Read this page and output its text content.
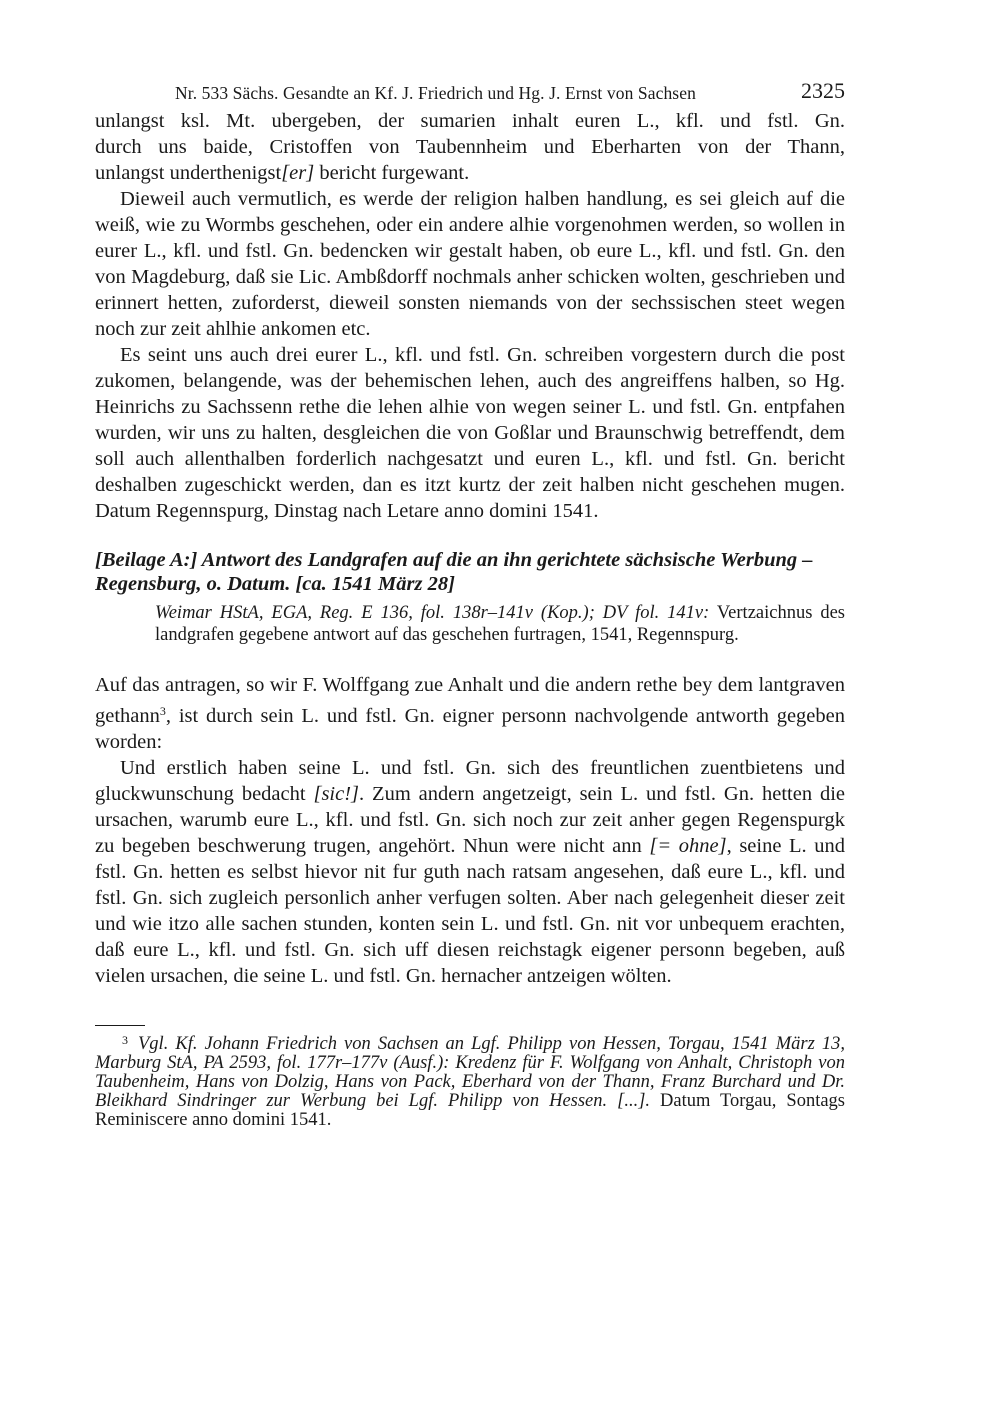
Nr. 533 Sächs. Gesandte an Kf. J. Friedrich und Hg. J. Ernst von Sachsen	2325

unlangst ksl. Mt. ubergeben, der sumarien inhalt euren L., kfl. und fstl. Gn.
durch uns baide, Cristoffen von Taubennheim und Eberharten von der Thann,
unlangst underthenigst[er] bericht furgewant.

Dieweil auch vermutlich, es werde der religion halben handlung, es sei gleich auf die weiß, wie zu Wormbs geschehen, oder ein andere alhie vorgenohmen werden, so wollen in eurer L., kfl. und fstl. Gn. bedencken wir gestalt haben, ob eure L., kfl. und fstl. Gn. den von Magdeburg, daß sie Lic. Ambßdorff nochmals anher schicken wolten, geschrieben und erinnert hetten, zuforderst, dieweil sonsten niemands von der sechssischen steet wegen noch zur zeit ahlhie ankomen etc.

Es seint uns auch drei eurer L., kfl. und fstl. Gn. schreiben vorgestern durch die post zukomen, belangende, was der behemischen lehen, auch des angreiffens halben, so Hg. Heinrichs zu Sachssenn rethe die lehen alhie von wegen seiner L. und fstl. Gn. entpfahen wurden, wir uns zu halten, desgleichen die von Goßlar und Braunschwig betreffendt, dem soll auch allenthalben forderlich nachgesatzt und euren L., kfl. und fstl. Gn. bericht deshalben zugeschickt werden, dan es itzt kurtz der zeit halben nicht geschehen mugen. Datum Regennspurg, Dinstag nach Letare anno domini 1541.

[Beilage A:] Antwort des Landgrafen auf die an ihn gerichtete sächsische Werbung – Regensburg, o. Datum. [ca. 1541 März 28]
Weimar HStA, EGA, Reg. E 136, fol. 138r–141v (Kop.); DV fol. 141v: Vertzaichnus des landgrafen gegebene antwort auf das geschehen furtragen, 1541, Regennspurg.

Auf das antragen, so wir F. Wolffgang zue Anhalt und die andern rethe bey dem lantgraven gethann$^3$, ist durch sein L. und fstl. Gn. eigner personn nachvolgende antworth gegeben worden:

Und erstlich haben seine L. und fstl. Gn. sich des freuntlichen zuentbietens und gluckwunschung bedacht [sic!]. Zum andern angetzeigt, sein L. und fstl. Gn. hetten die ursachen, warumb eure L., kfl. und fstl. Gn. sich noch zur zeit anher gegen Regenspurgk zu begeben beschwerung trugen, angehört. Nhun were nicht ann [= ohne], seine L. und fstl. Gn. hetten es selbst hievor nit fur guth nach ratsam angesehen, daß eure L., kfl. und fstl. Gn. sich zugleich personlich anher verfugen solten. Aber nach gelegenheit dieser zeit und wie itzo alle sachen stunden, konten sein L. und fstl. Gn. nit vor unbequem erachten, daß eure L., kfl. und fstl. Gn. sich uff diesen reichstagk eigener personn begeben, auß vielen ursachen, die seine L. und fstl. Gn. hernacher antzeigen wölten.

$^3$ Vgl. Kf. Johann Friedrich von Sachsen an Lgf. Philipp von Hessen, Torgau, 1541 März 13, Marburg StA, PA 2593, fol. 177r–177v (Ausf.): Kredenz für F. Wolfgang von Anhalt, Christoph von Taubenheim, Hans von Dolzig, Hans von Pack, Eberhard von der Thann, Franz Burchard und Dr. Bleikhard Sindringer zur Werbung bei Lgf. Philipp von Hessen. [...]. Datum Torgau, Sontags Reminiscere anno domini 1541.
